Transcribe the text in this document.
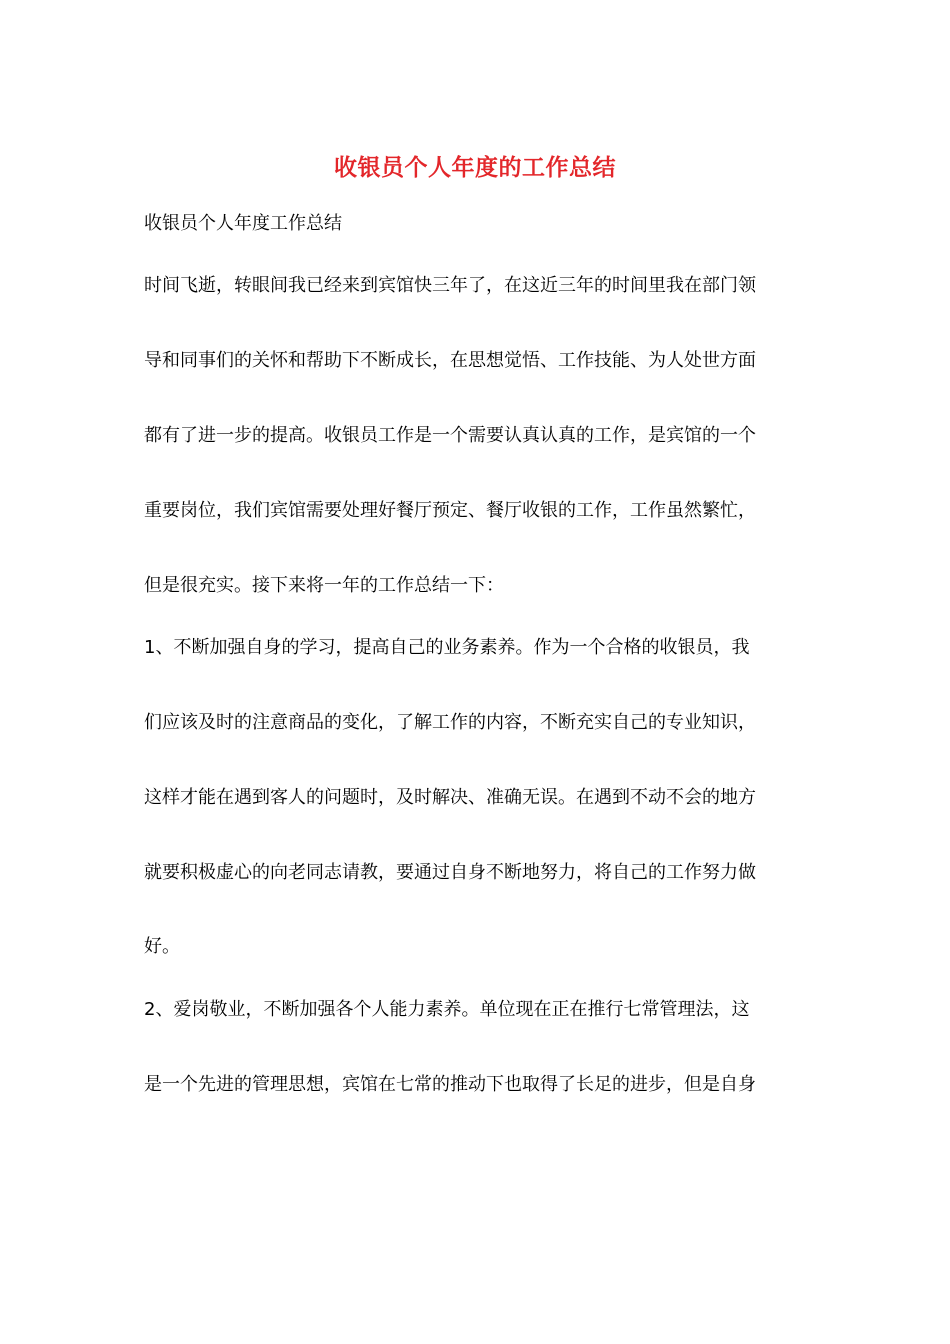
收银员个人年度的工作总结
收银员个人年度工作总结
时间飞逝，转眼间我已经来到宾馆快三年了，在这近三年的时间里我在部门领
导和同事们的关怀和帮助下不断成长，在思想觉悟、工作技能、为人处世方面
都有了进一步的提高。收银员工作是一个需要认真认真的工作，是宾馆的一个
重要岗位，我们宾馆需要处理好餐厅预定、餐厅收银的工作，工作虽然繁忙，
但是很充实。接下来将一年的工作总结一下：
1、不断加强自身的学习，提高自己的业务素养。作为一个合格的收银员，我
们应该及时的注意商品的变化，了解工作的内容，不断充实自己的专业知识，
这样才能在遇到客人的问题时，及时解决、准确无误。在遇到不动不会的地方
就要积极虚心的向老同志请教，要通过自身不断地努力，将自己的工作努力做
好。
2、爱岗敬业，不断加强各个人能力素养。单位现在正在推行七常管理法，这
是一个先进的管理思想，宾馆在七常的推动下也取得了长足的进步，但是自身
